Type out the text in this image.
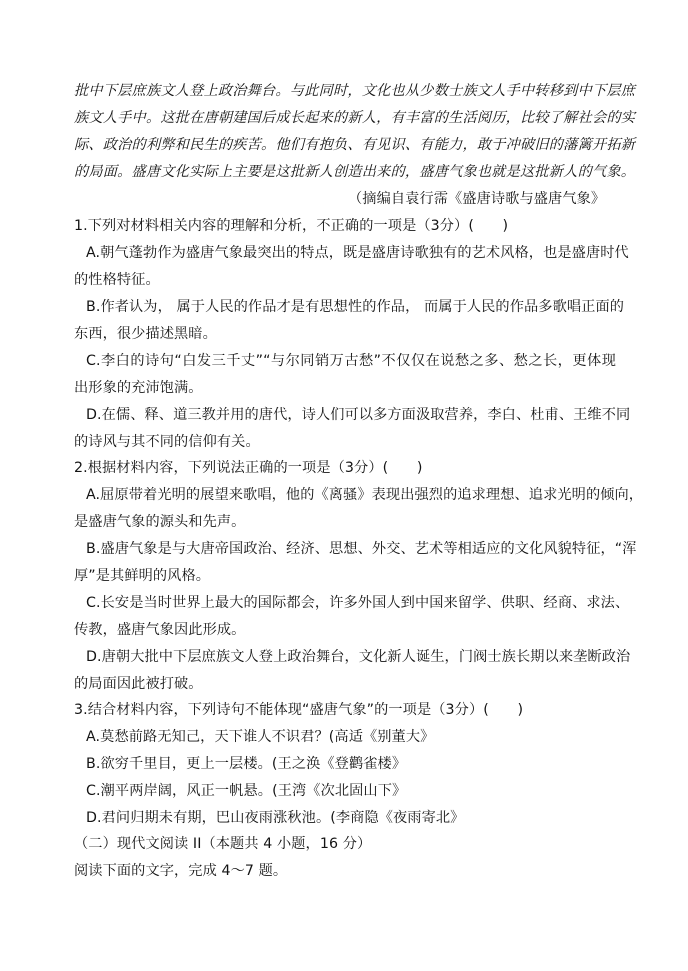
批中下层庶族文人登上政治舞台。与此同时，文化也从少数士族文人手中转移到中下层庶
族文人手中。这批在唐朝建国后成长起来的新人，有丰富的生活阅历，比较了解社会的实
际、政治的利弊和民生的疾苦。他们有抱负、有见识、有能力，敢于冲破旧的藩篱开拓新
的局面。盛唐文化实际上主要是这批新人创造出来的，盛唐气象也就是这批新人的气象。
（摘编自袁行霈《盛唐诗歌与盛唐气象》
1.下列对材料相关内容的理解和分析，不正确的一项是（3分）(　　)
A.朝气蓬勃作为盛唐气象最突出的特点，既是盛唐诗歌独有的艺术风格，也是盛唐时代
的性格特征。
B.作者认为， 属于人民的作品才是有思想性的作品， 而属于人民的作品多歌唱正面的
东西，很少描述黑暗。
C.李白的诗句“白发三千丈”“与尔同销万古愁”不仅仅在说愁之多、愁之长，更体现
出形象的充沛饱满。
D.在儒、释、道三教并用的唐代，诗人们可以多方面汲取营养，李白、杜甫、王维不同
的诗风与其不同的信仰有关。
2.根据材料内容，下列说法正确的一项是（3分）(　　)
A.屈原带着光明的展望来歌唱，他的《离骚》表现出强烈的追求理想、追求光明的倾向，
是盛唐气象的源头和先声。
B.盛唐气象是与大唐帝国政治、经济、思想、外交、艺术等相适应的文化风貌特征，“浑
厚”是其鲜明的风格。
C.长安是当时世界上最大的国际都会，许多外国人到中国来留学、供职、经商、求法、
传教，盛唐气象因此形成。
D.唐朝大批中下层庶族文人登上政治舞台，文化新人诞生，门阀士族长期以来垄断政治
的局面因此被打破。
3.结合材料内容，下列诗句不能体现“盛唐气象”的一项是（3分）(　　)
A.莫愁前路无知己，天下谁人不识君？(高适《别董大》
B.欲穷千里目，更上一层楼。(王之涣《登鹳雀楼》
C.潮平两岸阔，风正一帆悬。(王湾《次北固山下》
D.君问归期未有期，巴山夜雨涨秋池。(李商隐《夜雨寄北》
（二）现代文阅读 II（本题共 4 小题，16 分）
阅读下面的文字，完成 4～7 题。
